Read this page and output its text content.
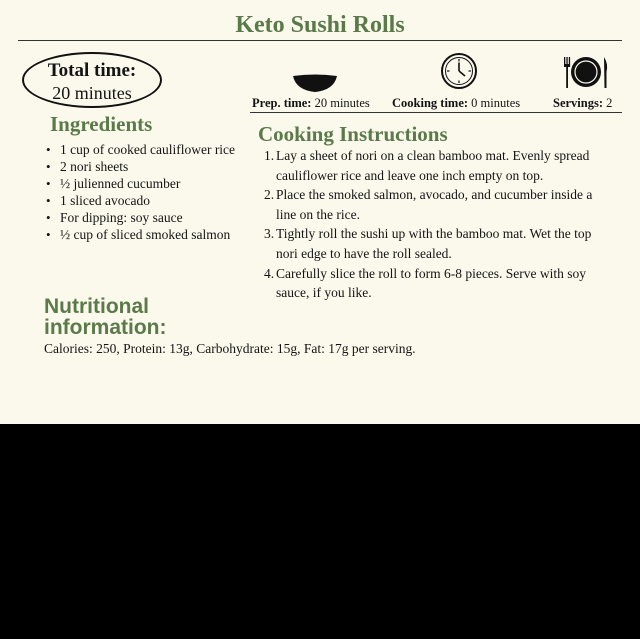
Keto Sushi Rolls
Total time:
20 minutes	Prep. time: 20 minutes Cooking time: 0 minutes	Servings: 2
Ingredients
• 1 cup of cooked cauliflower rice
• 2 nori sheets
• ½ julienned cucumber
• 1 sliced avocado
• For dipping: soy sauce
• ½ cup of sliced smoked salmon
Cooking Instructions
1. Lay a sheet of nori on a clean bamboo mat. Evenly spread cauliflower rice and leave one inch empty on top.
2. Place the smoked salmon, avocado, and cucumber inside a line on the rice.
3. Tightly roll the sushi up with the bamboo mat. Wet the top nori edge to have the roll sealed.
4. Carefully slice the roll to form 6-8 pieces. Serve with soy sauce, if you like.
Nutritional
information:
Calories: 250, Protein: 13g, Carbohydrate: 15g, Fat: 17g per serving.
